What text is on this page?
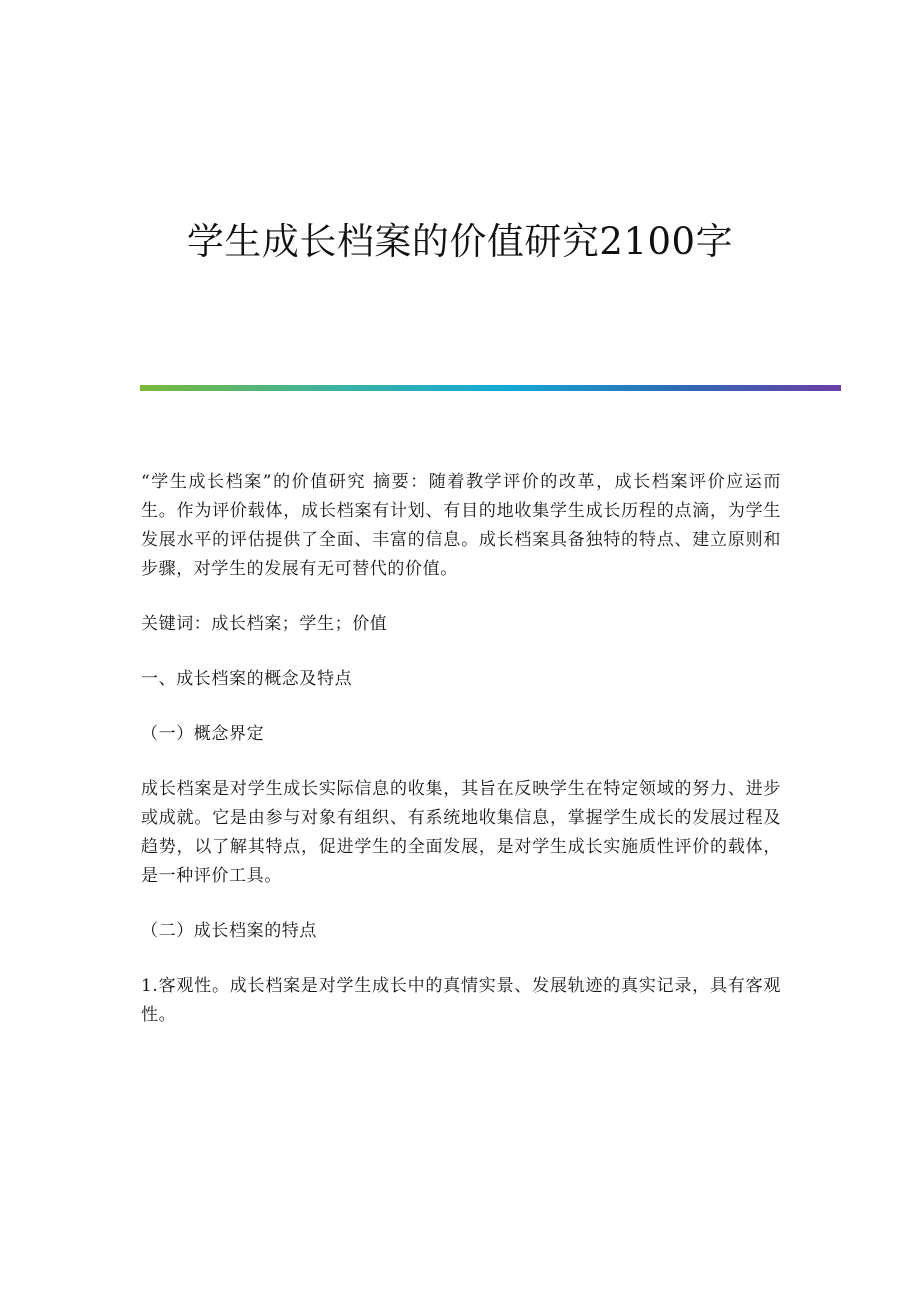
学生成长档案的价值研究2100字

“学生成长档案”的价值研究 摘要：随着教学评价的改革，成长档案评价应运而生。作为评价载体，成长档案有计划、有目的地收集学生成长历程的点滴，为学生发展水平的评估提供了全面、丰富的信息。成长档案具备独特的特点、建立原则和步骤，对学生的发展有无可替代的价值。

关键词：成长档案；学生；价值

一、成长档案的概念及特点

（一）概念界定

成长档案是对学生成长实际信息的收集，其旨在反映学生在特定领域的努力、进步或成就。它是由参与对象有组织、有系统地收集信息，掌握学生成长的发展过程及趋势，以了解其特点，促进学生的全面发展，是对学生成长实施质性评价的载体，是一种评价工具。

（二）成长档案的特点

1.客观性。成长档案是对学生成长中的真情实景、发展轨迹的真实记录，具有客观性。
